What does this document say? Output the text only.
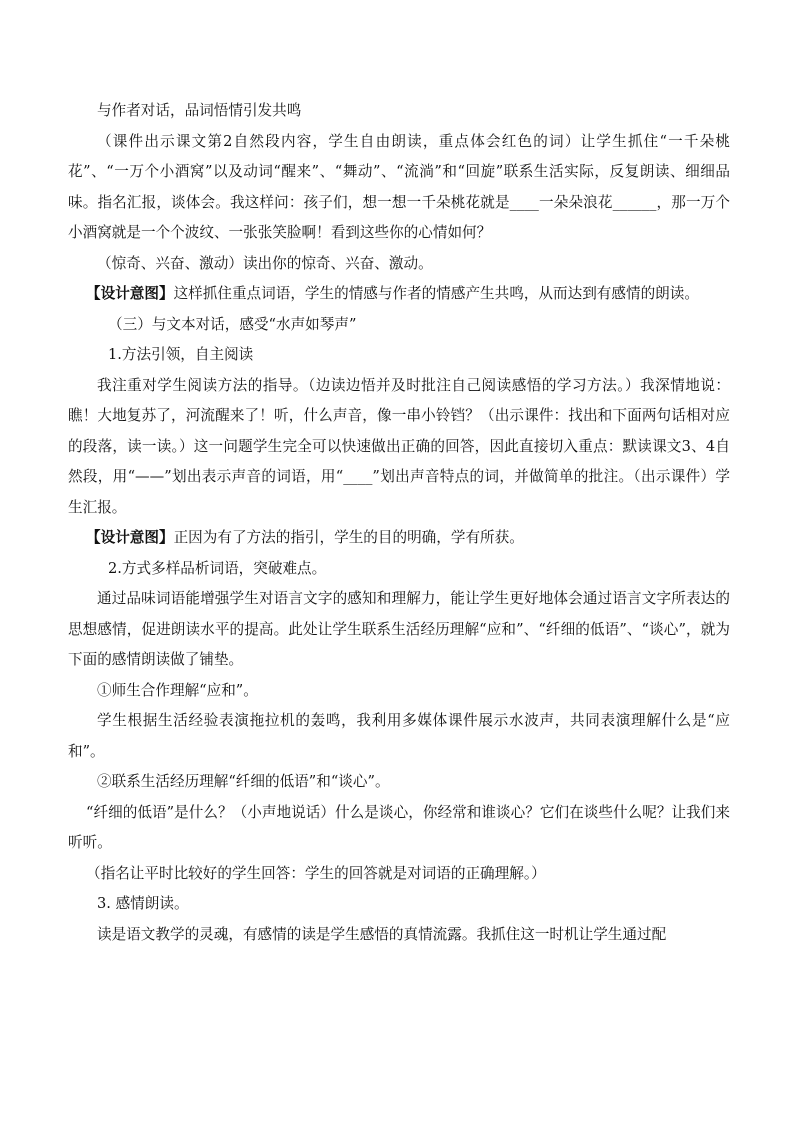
与作者对话，品词悟情引发共鸣

（课件出示课文第2自然段内容，学生自由朗读，重点体会红色的词）让学生抓住“一千朵桃花”、“一万个小酒窝”以及动词“醒来”、“舞动”、“流淌”和“回旋”联系生活实际，反复朗读、细细品味。指名汇报，谈体会。我这样问：孩子们，想一想一千朵桃花就是____一朵朵浪花______，那一万个小酒窝就是一个个波纹、一张张笑脸啊！看到这些你的心情如何？

（惊奇、兴奋、激动）读出你的惊奇、兴奋、激动。

【设计意图】这样抓住重点词语，学生的情感与作者的情感产生共鸣，从而达到有感情的朗读。

（三）与文本对话，感受“水声如琴声”

1.方法引领，自主阅读

我注重对学生阅读方法的指导。（边读边悟并及时批注自己阅读感悟的学习方法。）我深情地说：瞧！大地复苏了，河流醒来了！听，什么声音，像一串小铃铛？（出示课件：找出和下面两句话相对应的段落，读一读。）这一问题学生完全可以快速做出正确的回答，因此直接切入重点：默读课文3、4自然段，用“——”划出表示声音的词语，用“____”划出声音特点的词，并做简单的批注。（出示课件）学生汇报。

【设计意图】正因为有了方法的指引，学生的目的明确，学有所获。

2.方式多样品析词语，突破难点。

通过品味词语能增强学生对语言文字的感知和理解力，能让学生更好地体会通过语言文字所表达的思想感情，促进朗读水平的提高。此处让学生联系生活经历理解“应和”、“纤细的低语”、“谈心”，就为下面的感情朗读做了铺垫。

①师生合作理解“应和”。

学生根据生活经验表演拖拉机的轰鸣，我利用多媒体课件展示水波声，共同表演理解什么是“应和”。

②联系生活经历理解“纤细的低语”和“谈心”。

“纤细的低语”是什么？（小声地说话）什么是谈心，你经常和谁谈心？它们在谈些什么呢？让我们来听听。

（指名让平时比较好的学生回答：学生的回答就是对词语的正确理解。）

3. 感情朗读。

读是语文教学的灵魂，有感情的读是学生感悟的真情流露。我抓住这一时机让学生通过配
